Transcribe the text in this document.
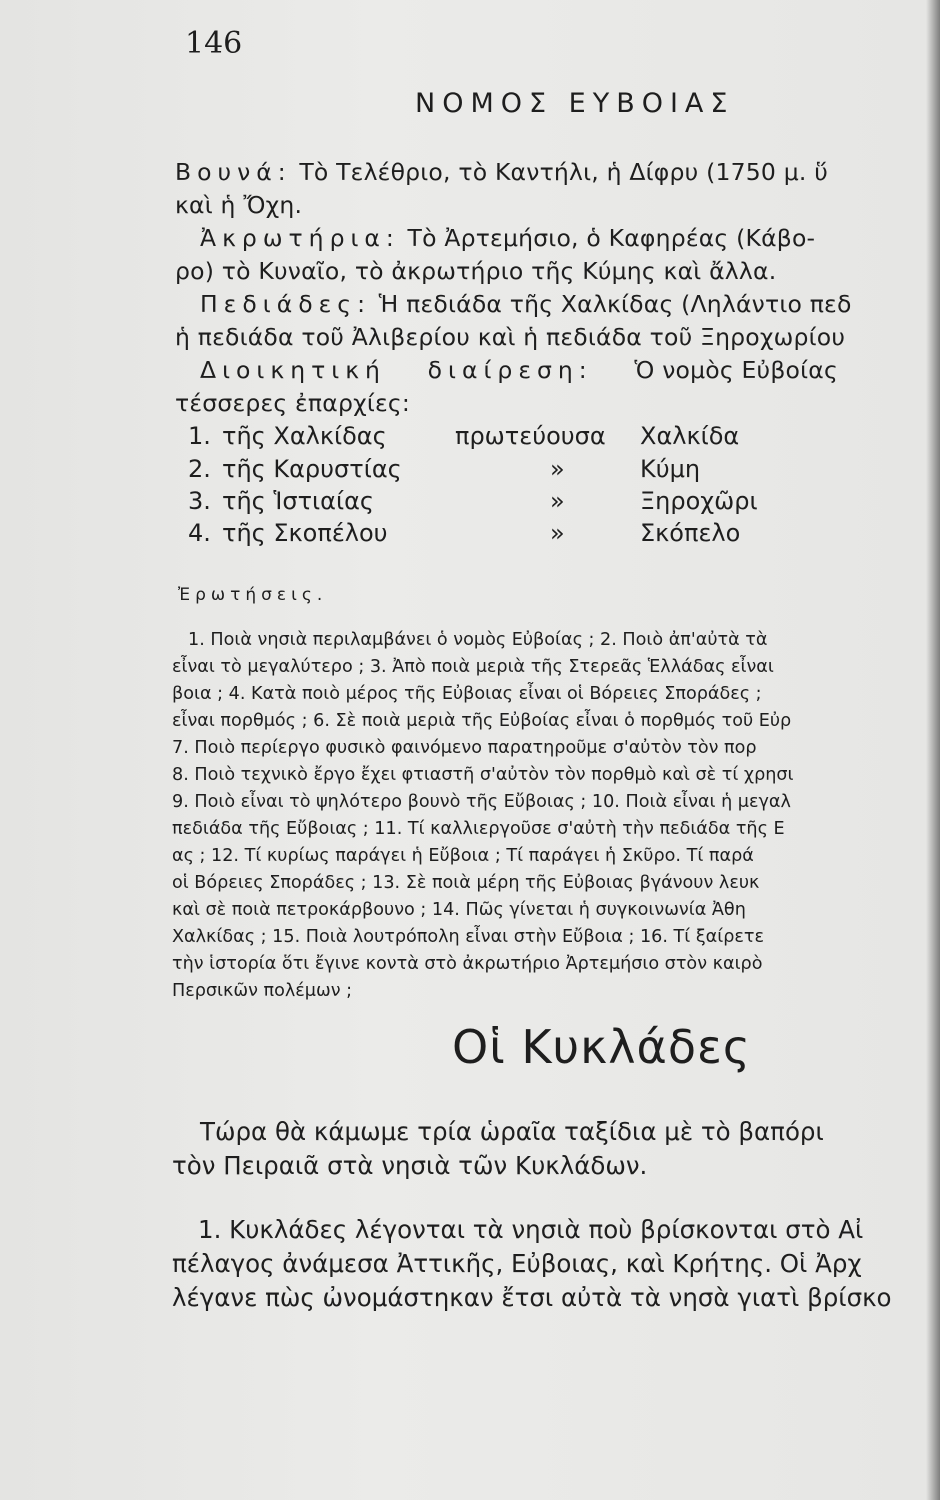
146
ΝΟΜΟΣ ΕΥΒΟΙΑΣ
Βουνά: Τὸ Τελέθριο, τὸ Καντήλι, ἡ Δίφρυ (1750 μ. ὕ
καὶ ἡ Ὄχη.
Ἀκρωτήρια: Τὸ Ἀρτεμήσιο, ὁ Καφηρέας (Κάβο-
ρο) τὸ Κυναῖο, τὸ ἀκρωτήριο τῆς Κύμης καὶ ἄλλα.
Πεδιάδες: Ἡ πεδιάδα τῆς Χαλκίδας (Ληλάντιο πεδ
ἡ πεδιάδα τοῦ Ἀλιβερίου καὶ ἡ πεδιάδα τοῦ Ξηροχωρίου
Διοικητική διαίρεση: Ὁ νομὸς Εὐβοίας
τέσσερες ἐπαρχίες:
1. τῆς Χαλκίδας	πρωτεύουσα Χαλκίδα
2. τῆς Καρυστίας	»	Κύμη
3. τῆς Ἱστιαίας	»	Ξηροχῶρι
4. τῆς Σκοπέλου	»	Σκόπελο
Ἐρωτήσεις.
1. Ποιὰ νησιὰ περιλαμβάνει ὁ νομὸς Εὐβοίας ; 2. Ποιὸ ἀπ'αὐτὰ τὰ
εἶναι τὸ μεγαλύτερο ; 3. Ἀπὸ ποιὰ μεριὰ τῆς Στερεᾶς Ἑλλάδας εἶναι
βοια ; 4. Κατὰ ποιὸ μέρος τῆς Εὐβοιας εἶναι οἱ Βόρειες Σποράδες ;
εἶναι πορθμός ; 6. Σὲ ποιὰ μεριὰ τῆς Εὐβοίας εἶναι ὁ πορθμός τοῦ Εὐρ
7. Ποιὸ περίεργο φυσικὸ φαινόμενο παρατηροῦμε σ'αὐτὸν τὸν πορ
8. Ποιὸ τεχνικὸ ἔργο ἔχει φτιαστῆ σ'αὐτὸν τὸν πορθμὸ καὶ σὲ τί χρησι
9. Ποιὸ εἶναι τὸ ψηλότερο βουνὸ τῆς Εὔβοιας ; 10. Ποιὰ εἶναι ἡ μεγαλ
πεδιάδα τῆς Εὔβοιας ; 11. Τί καλλιεργοῦσε σ'αὐτὴ τὴν πεδιάδα τῆς Ε
ας ; 12. Τί κυρίως παράγει ἡ Εὔβοια ; Τί παράγει ἡ Σκῦρο. Τί παρά
οἱ Βόρειες Σποράδες ; 13. Σὲ ποιὰ μέρη τῆς Εὐβοιας βγάνουν λευκ
καὶ σὲ ποιὰ πετροκάρβουνο ; 14. Πῶς γίνεται ἡ συγκοινωνία Ἀθη
Χαλκίδας ; 15. Ποιὰ λουτρόπολη εἶναι στὴν Εὔβοια ; 16. Τί ξαίρετε
τὴν ἱστορία ὅτι ἔγινε κοντὰ στὸ ἀκρωτήριο Ἀρτεμήσιο στὸν καιρὸ
Περσικῶν πολέμων ;
Οἱ Κυκλάδες
Τώρα θὰ κάμωμε τρία ὡραῖα ταξίδια μὲ τὸ βαπόρι
τὸν Πειραιᾶ στὰ νησιὰ τῶν Κυκλάδων.
1. Κυκλάδες λέγονται τὰ νησιὰ ποὺ βρίσκονται στὸ Αἰ
πέλαγος ἀνάμεσα Ἀττικῆς, Εὐβοιας, καὶ Κρήτης. Οἱ Ἀρχ
λέγανε πὼς ὠνομάστηκαν ἔτσι αὐτὰ τὰ νησὰ γιατὶ βρίσκο
